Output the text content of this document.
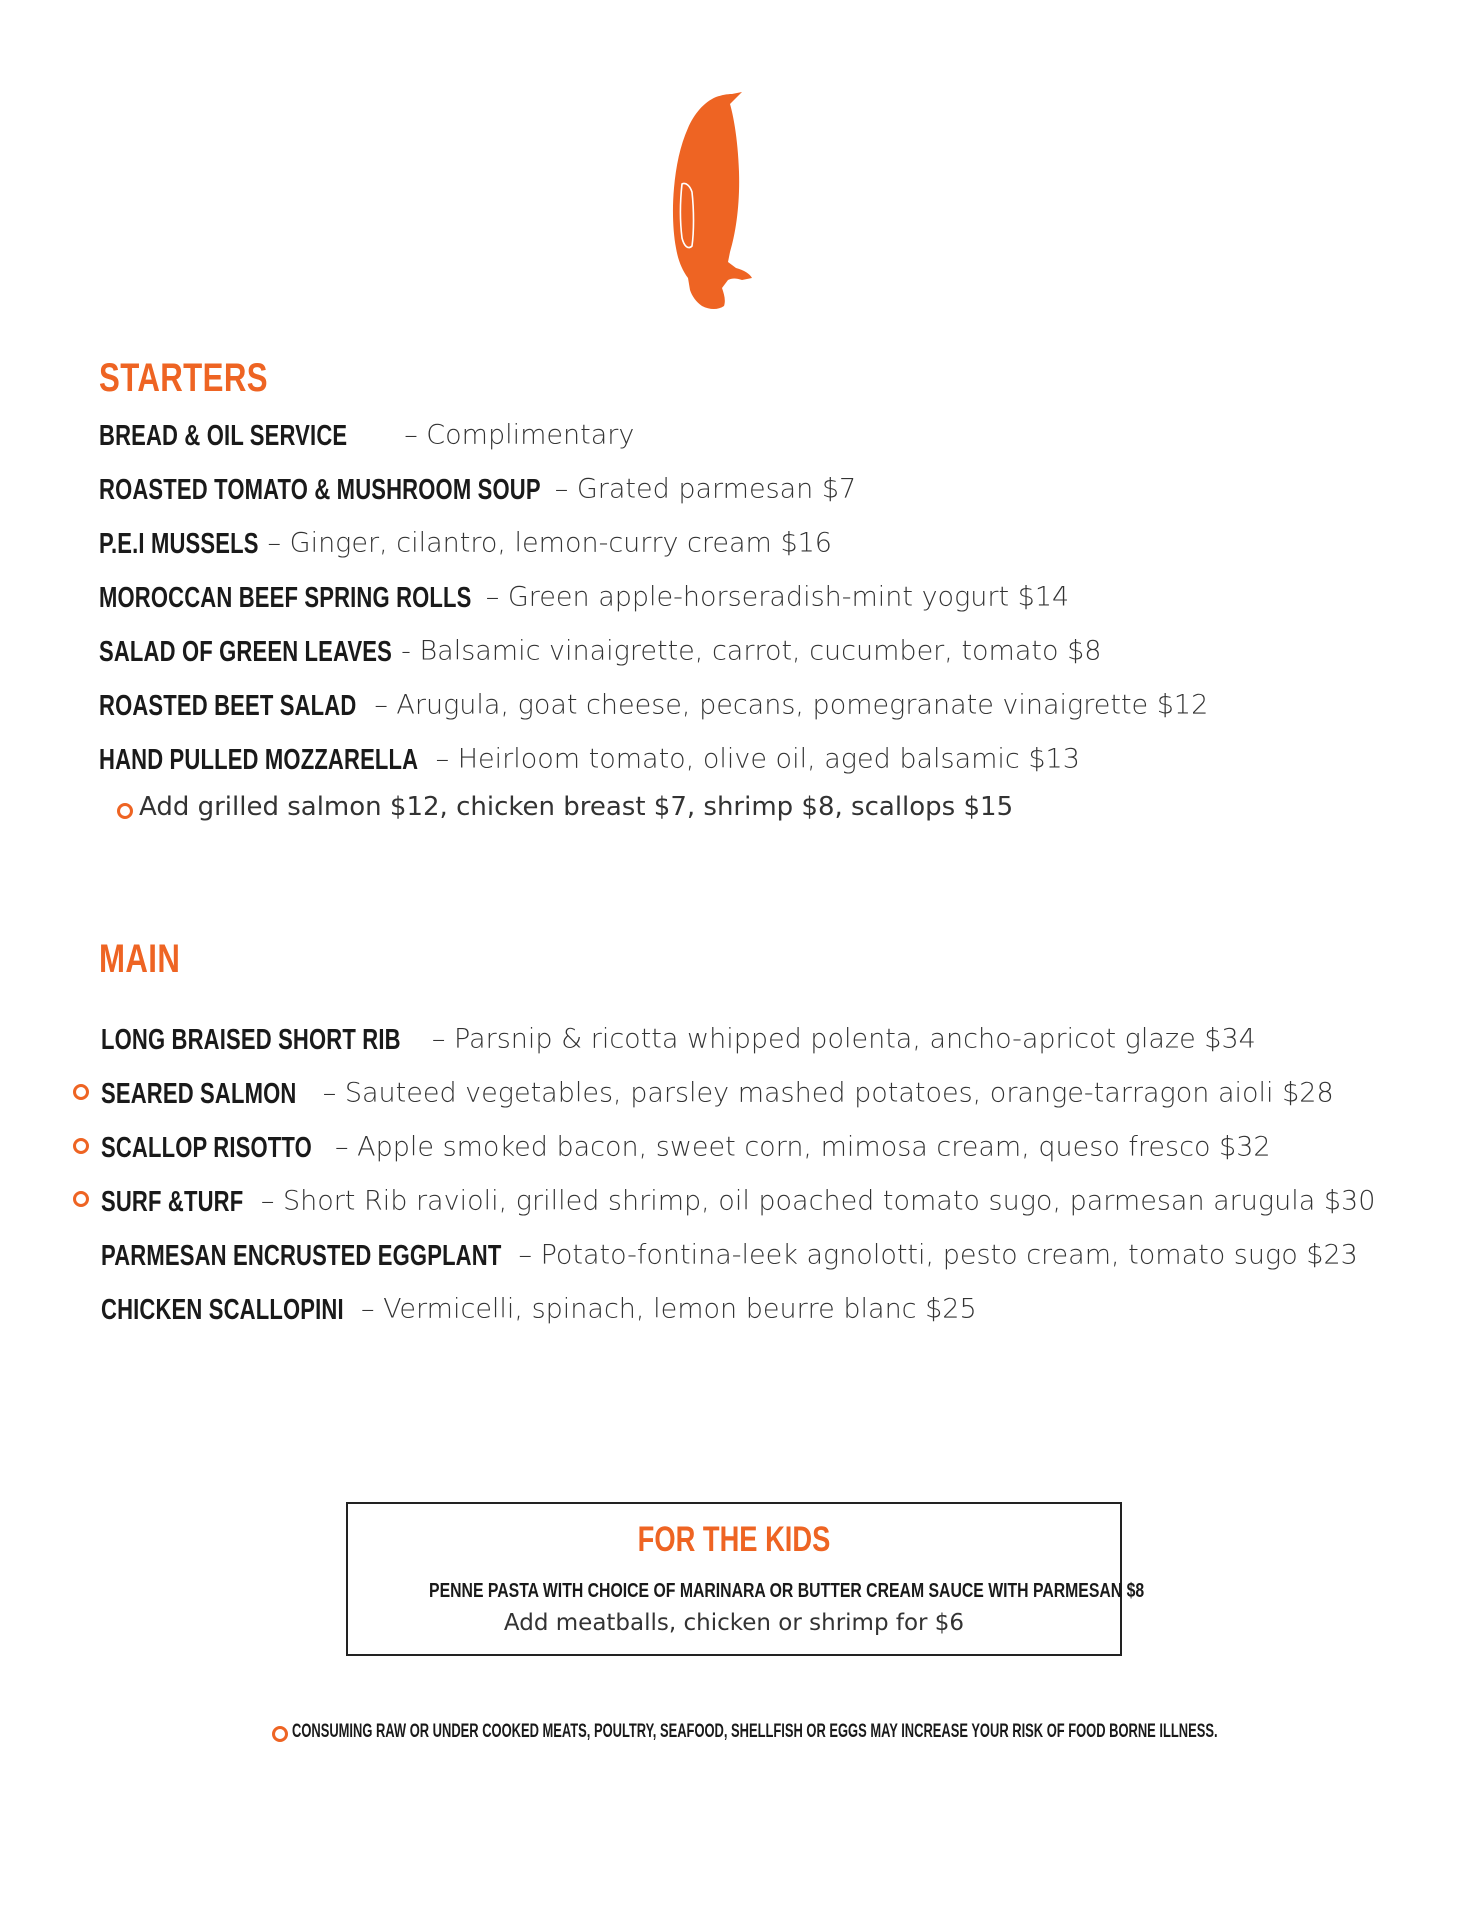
STARTERS
BREAD & OIL SERVICE – Complimentary
ROASTED TOMATO & MUSHROOM SOUP – Grated parmesan $7
P.E.I MUSSELS – Ginger, cilantro, lemon-curry cream $16
MOROCCAN BEEF SPRING ROLLS – Green apple-horseradish-mint yogurt $14
SALAD OF GREEN LEAVES - Balsamic vinaigrette, carrot, cucumber, tomato $8
ROASTED BEET SALAD – Arugula, goat cheese, pecans, pomegranate vinaigrette $12
HAND PULLED MOZZARELLA – Heirloom tomato, olive oil, aged balsamic $13
Add grilled salmon $12, chicken breast $7, shrimp $8, scallops $15
MAIN
LONG BRAISED SHORT RIB – Parsnip & ricotta whipped polenta, ancho-apricot glaze $34
SEARED SALMON – Sauteed vegetables, parsley mashed potatoes, orange-tarragon aioli $28
SCALLOP RISOTTO – Apple smoked bacon, sweet corn, mimosa cream, queso fresco $32
SURF &TURF – Short Rib ravioli, grilled shrimp, oil poached tomato sugo, parmesan arugula $30
PARMESAN ENCRUSTED EGGPLANT – Potato-fontina-leek agnolotti, pesto cream, tomato sugo $23
CHICKEN SCALLOPINI – Vermicelli, spinach, lemon beurre blanc $25
FOR THE KIDS
PENNE PASTA WITH CHOICE OF MARINARA OR BUTTER CREAM SAUCE WITH PARMESAN $8
Add meatballs, chicken or shrimp for $6
CONSUMING RAW OR UNDER COOKED MEATS, POULTRY, SEAFOOD, SHELLFISH OR EGGS MAY INCREASE YOUR RISK OF FOOD BORNE ILLNESS.
